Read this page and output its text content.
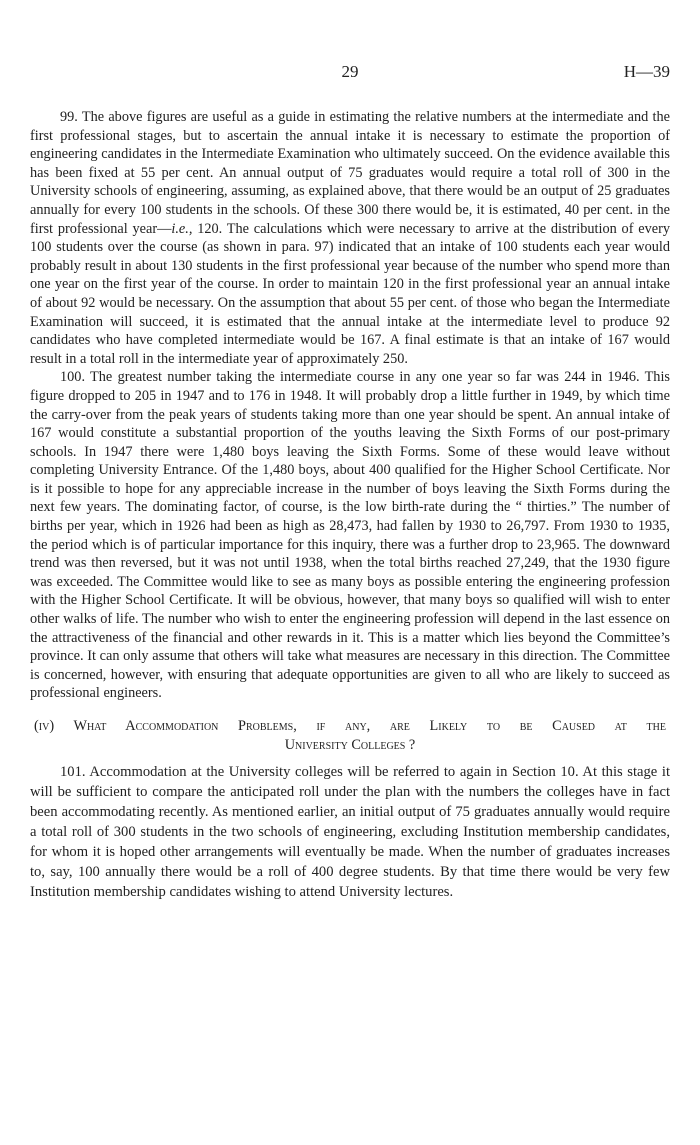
29	H—39

99. The above figures are useful as a guide in estimating the relative numbers at the intermediate and the first professional stages, but to ascertain the annual intake it is necessary to estimate the proportion of engineering candidates in the Intermediate Examination who ultimately succeed. On the evidence available this has been fixed at 55 per cent. An annual output of 75 graduates would require a total roll of 300 in the University schools of engineering, assuming, as explained above, that there would be an output of 25 graduates annually for every 100 students in the schools. Of these 300 there would be, it is estimated, 40 per cent. in the first professional year—i.e., 120. The calculations which were necessary to arrive at the distribution of every 100 students over the course (as shown in para. 97) indicated that an intake of 100 students each year would probably result in about 130 students in the first professional year because of the number who spend more than one year on the first year of the course. In order to maintain 120 in the first professional year an annual intake of about 92 would be necessary. On the assumption that about 55 per cent. of those who began the Intermediate Examination will succeed, it is estimated that the annual intake at the intermediate level to produce 92 candidates who have completed intermediate would be 167. A final estimate is that an intake of 167 would result in a total roll in the intermediate year of approximately 250.

100. The greatest number taking the intermediate course in any one year so far was 244 in 1946. This figure dropped to 205 in 1947 and to 176 in 1948. It will probably drop a little further in 1949, by which time the carry-over from the peak years of students taking more than one year should be spent. An annual intake of 167 would constitute a substantial proportion of the youths leaving the Sixth Forms of our post-primary schools. In 1947 there were 1,480 boys leaving the Sixth Forms. Some of these would leave without completing University Entrance. Of the 1,480 boys, about 400 qualified for the Higher School Certificate. Nor is it possible to hope for any appreciable increase in the number of boys leaving the Sixth Forms during the next few years. The dominating factor, of course, is the low birth-rate during the “ thirties.” The number of births per year, which in 1926 had been as high as 28,473, had fallen by 1930 to 26,797. From 1930 to 1935, the period which is of particular importance for this inquiry, there was a further drop to 23,965. The downward trend was then reversed, but it was not until 1938, when the total births reached 27,249, that the 1930 figure was exceeded. The Committee would like to see as many boys as possible entering the engineering profession with the Higher School Certificate. It will be obvious, however, that many boys so qualified will wish to enter other walks of life. The number who wish to enter the engineering profession will depend in the last essence on the attractiveness of the financial and other rewards in it. This is a matter which lies beyond the Committee’s province. It can only assume that others will take what measures are necessary in this direction. The Committee is concerned, however, with ensuring that adequate opportunities are given to all who are likely to succeed as professional engineers.

(iv) What Accommodation Problems, if any, are Likely to be Caused at the
University Colleges ?

101. Accommodation at the University colleges will be referred to again in Section 10. At this stage it will be sufficient to compare the anticipated roll under the plan with the numbers the colleges have in fact been accommodating recently. As mentioned earlier, an initial output of 75 graduates annually would require a total roll of 300 students in the two schools of engineering, excluding Institution membership candidates, for whom it is hoped other arrangements will eventually be made. When the number of graduates increases to, say, 100 annually there would be a roll of 400 degree students. By that time there would be very few Institution membership candidates wishing to attend University lectures.
